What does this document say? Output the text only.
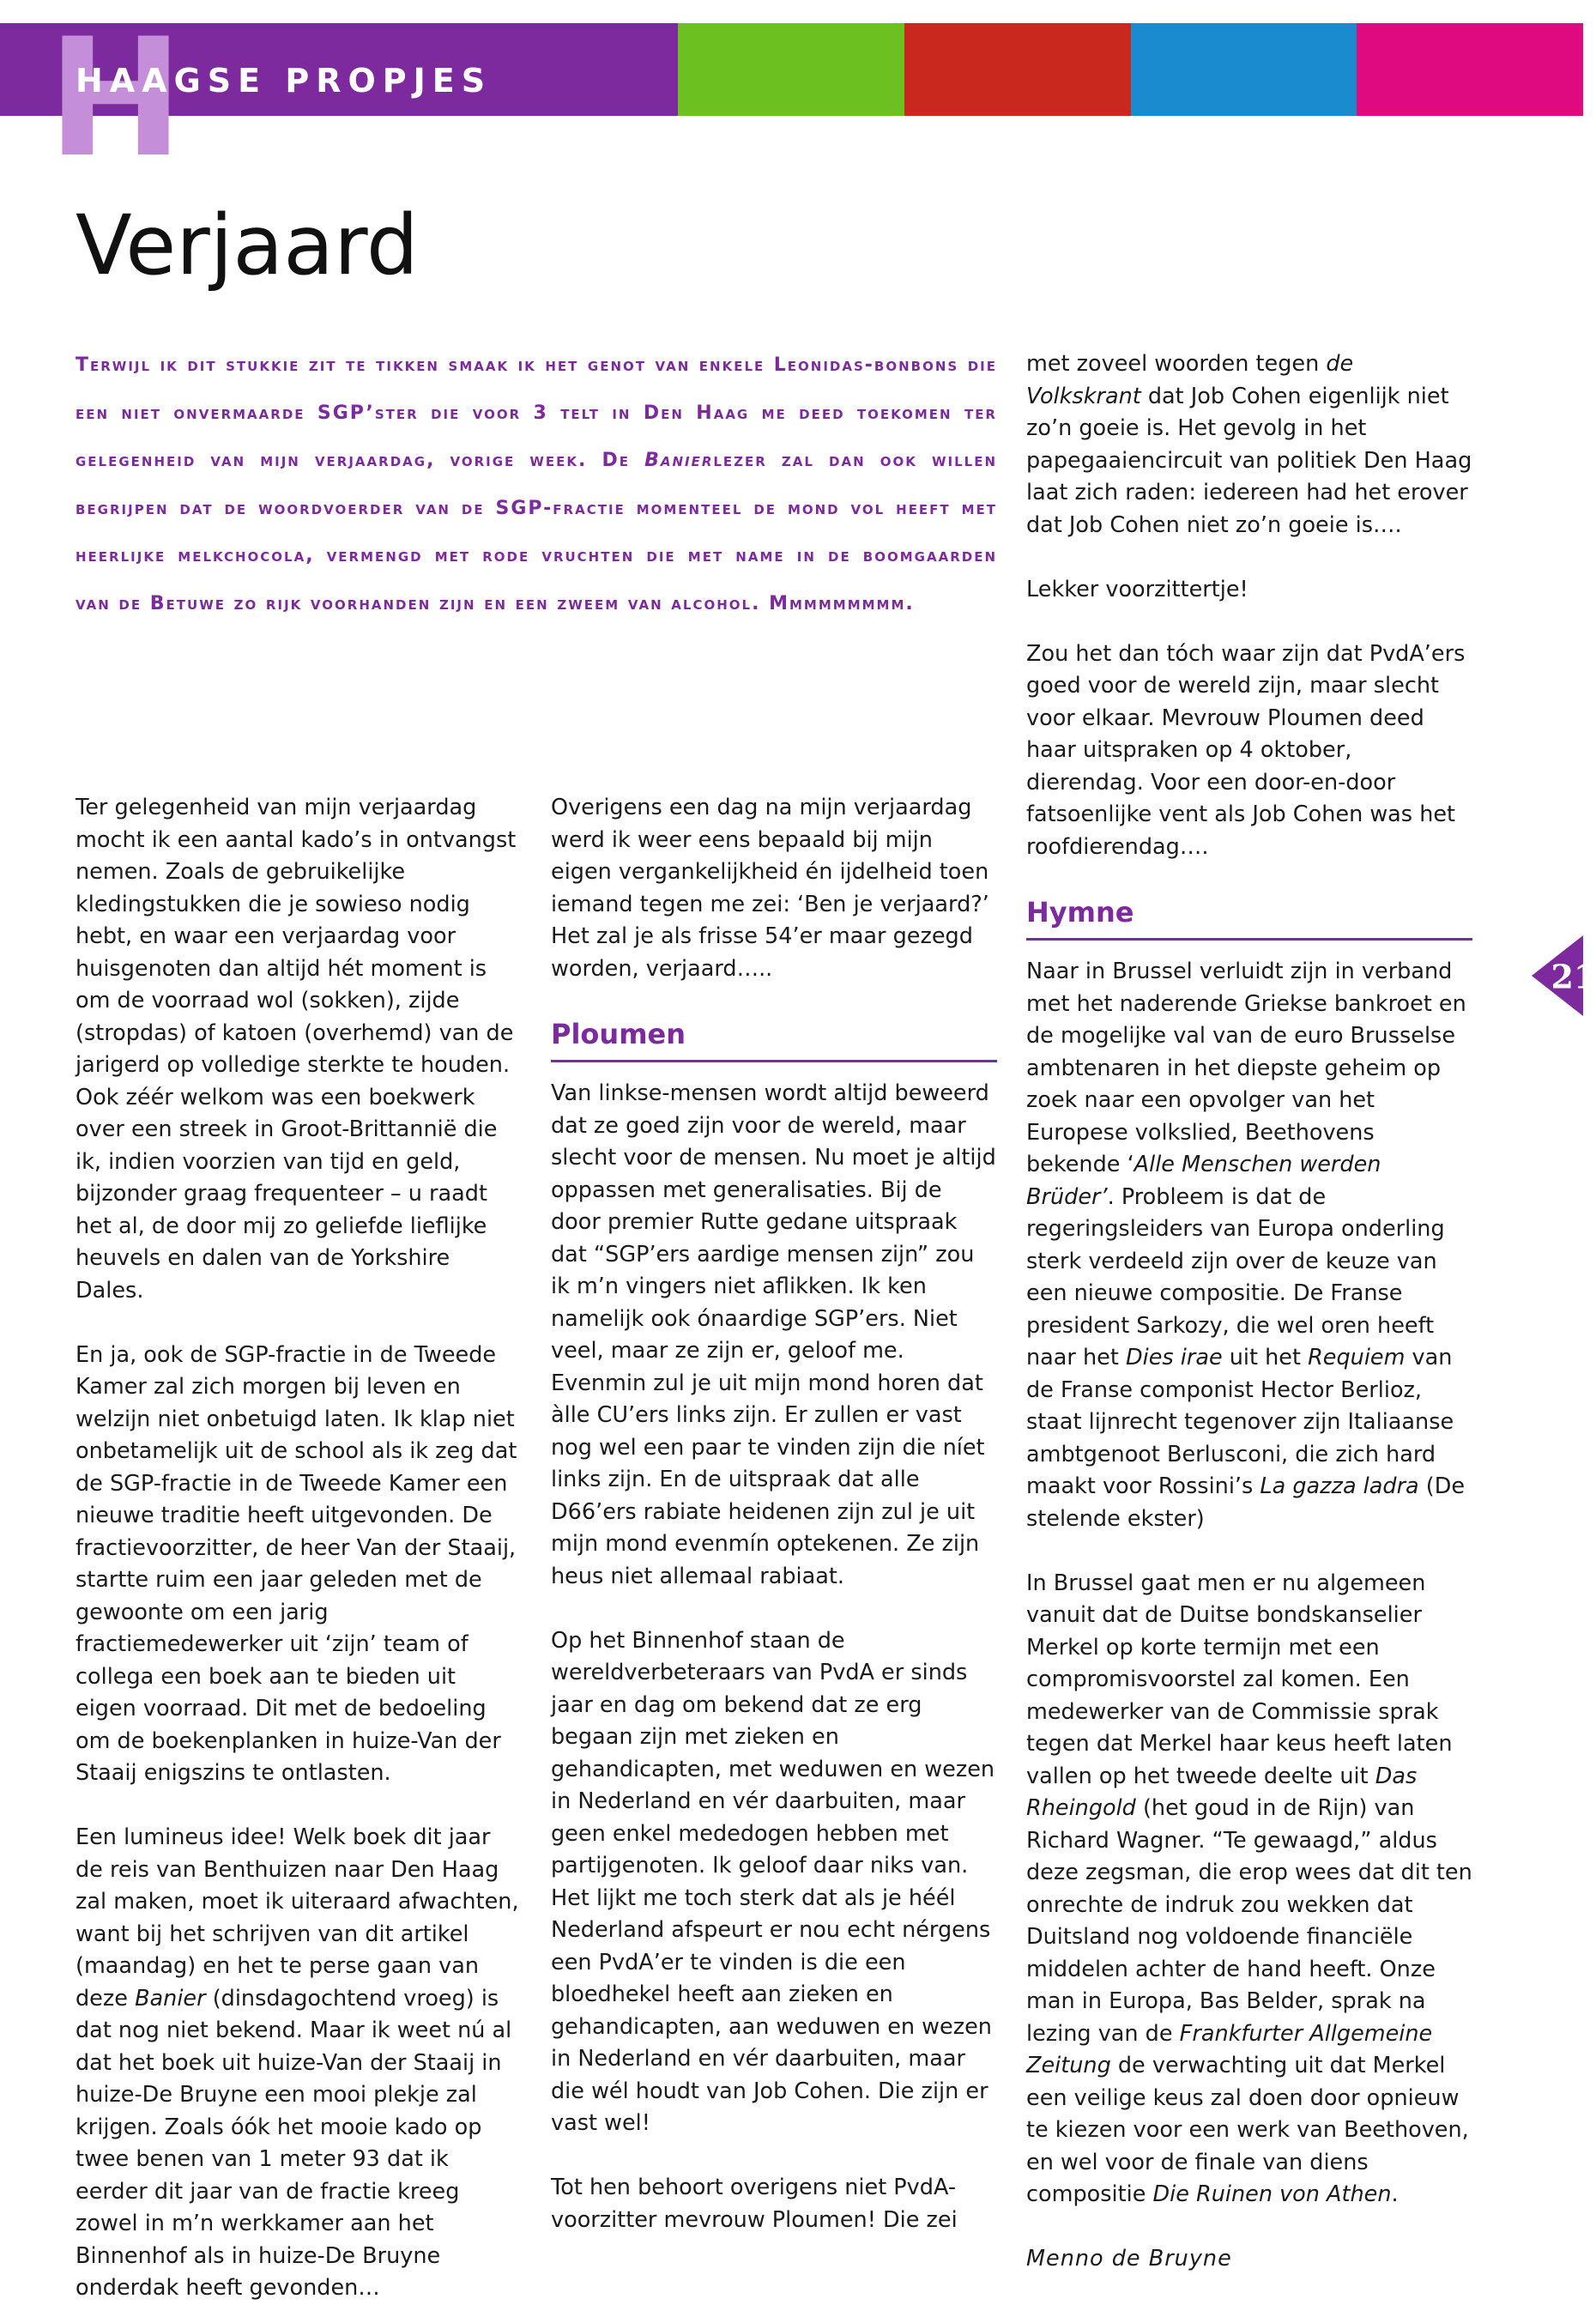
H
HAAGSE PROPJES
Verjaard

Terwijl ik dit stukkie zit te tikken smaak ik het genot van enkele Leonidas-bonbons die een niet onvermaarde SGP’ster die voor 3 telt in Den Haag me deed toekomen ter gelegenheid van mijn verjaardag, vorige week. De Banierlezer zal dan ook willen begrijpen dat de woordvoerder van de SGP-fractie momenteel de mond vol heeft met heerlijke melkchocola, vermengd met rode vruchten die met name in de boomgaarden van de Betuwe zo rijk voorhanden zijn en een zweem van alcohol. Mmmmmmmmm.

Ter gelegenheid van mijn verjaardag mocht ik een aantal kado’s in ontvangst nemen. Zoals de gebruikelijke kledingstukken die je sowieso nodig hebt, en waar een verjaardag voor huisgenoten dan altijd hét moment is om de voorraad wol (sokken), zijde (stropdas) of katoen (overhemd) van de jarigerd op volledige sterkte te houden. Ook zéér welkom was een boekwerk over een streek in Groot-Brittannië die ik, indien voorzien van tijd en geld, bijzonder graag frequenteer – u raadt het al, de door mij zo geliefde lieflijke heuvels en dalen van de Yorkshire Dales.

En ja, ook de SGP-fractie in de Tweede Kamer zal zich morgen bij leven en welzijn niet onbetuigd laten. Ik klap niet onbetamelijk uit de school als ik zeg dat de SGP-fractie in de Tweede Kamer een nieuwe traditie heeft uitgevonden. De fractievoorzitter, de heer Van der Staaij, startte ruim een jaar geleden met de gewoonte om een jarig fractiemedewerker uit ‘zijn’ team of collega een boek aan te bieden uit eigen voorraad. Dit met de bedoeling om de boekenplanken in huize-Van der Staaij enigszins te ontlasten.

Een lumineus idee! Welk boek dit jaar de reis van Benthuizen naar Den Haag zal maken, moet ik uiteraard afwachten, want bij het schrijven van dit artikel (maandag) en het te perse gaan van deze Banier (dinsdagochtend vroeg) is dat nog niet bekend. Maar ik weet nú al dat het boek uit huize-Van der Staaij in huize-De Bruyne een mooi plekje zal krijgen. Zoals óók het mooie kado op twee benen van 1 meter 93 dat ik eerder dit jaar van de fractie kreeg zowel in m’n werkkamer aan het Binnenhof als in huize-De Bruyne onderdak heeft gevonden…

Overigens een dag na mijn verjaardag werd ik weer eens bepaald bij mijn eigen vergankelijkheid én ijdelheid toen iemand tegen me zei: ‘Ben je verjaard?’ Het zal je als frisse 54’er maar gezegd worden, verjaard…..

Ploumen

Van linkse-mensen wordt altijd beweerd dat ze goed zijn voor de wereld, maar slecht voor de mensen. Nu moet je altijd oppassen met generalisaties. Bij de door premier Rutte gedane uitspraak dat “SGP’ers aardige mensen zijn” zou ik m’n vingers niet aflikken. Ik ken namelijk ook ónaardige SGP’ers. Niet veel, maar ze zijn er, geloof me. Evenmin zul je uit mijn mond horen dat àlle CU’ers links zijn. Er zullen er vast nog wel een paar te vinden zijn die níet links zijn. En de uitspraak dat alle D66’ers rabiate heidenen zijn zul je uit mijn mond evenmín optekenen. Ze zijn heus niet allemaal rabiaat.

Op het Binnenhof staan de wereldverbeteraars van PvdA er sinds jaar en dag om bekend dat ze erg begaan zijn met zieken en gehandicapten, met weduwen en wezen in Nederland en vér daarbuiten, maar geen enkel mededogen hebben met partijgenoten. Ik geloof daar niks van. Het lijkt me toch sterk dat als je héél Nederland afspeurt er nou echt nérgens een PvdA’er te vinden is die een bloedhekel heeft aan zieken en gehandicapten, aan weduwen en wezen in Nederland en vér daarbuiten, maar die wél houdt van Job Cohen. Die zijn er vast wel!

Tot hen behoort overigens niet PvdA-voorzitter mevrouw Ploumen! Die zei

met zoveel woorden tegen de Volkskrant dat Job Cohen eigenlijk niet zo’n goeie is. Het gevolg in het papegaaiencircuit van politiek Den Haag laat zich raden: iedereen had het erover dat Job Cohen niet zo’n goeie is….

Lekker voorzittertje!

Zou het dan tóch waar zijn dat PvdA’ers goed voor de wereld zijn, maar slecht voor elkaar. Mevrouw Ploumen deed haar uitspraken op 4 oktober, dierendag. Voor een door-en-door fatsoenlijke vent als Job Cohen was het roofdierendag….

Hymne

Naar in Brussel verluidt zijn in verband met het naderende Griekse bankroet en de mogelijke val van de euro Brusselse ambtenaren in het diepste geheim op zoek naar een opvolger van het Europese volkslied, Beethovens bekende ‘Alle Menschen werden Brüder’. Probleem is dat de regeringsleiders van Europa onderling sterk verdeeld zijn over de keuze van een nieuwe compositie. De Franse president Sarkozy, die wel oren heeft naar het Dies irae uit het Requiem van de Franse componist Hector Berlioz, staat lijnrecht tegenover zijn Italiaanse ambtgenoot Berlusconi, die zich hard maakt voor Rossini’s La gazza ladra (De stelende ekster)

In Brussel gaat men er nu algemeen vanuit dat de Duitse bondskanselier Merkel op korte termijn met een compromisvoorstel zal komen. Een medewerker van de Commissie sprak tegen dat Merkel haar keus heeft laten vallen op het tweede deelte uit Das Rheingold (het goud in de Rijn) van Richard Wagner. “Te gewaagd,” aldus deze zegsman, die erop wees dat dit ten onrechte de indruk zou wekken dat Duitsland nog voldoende financiële middelen achter de hand heeft. Onze man in Europa, Bas Belder, sprak na lezing van de Frankfurter Allgemeine Zeitung de verwachting uit dat Merkel een veilige keus zal doen door opnieuw te kiezen voor een werk van Beethoven, en wel voor de finale van diens compositie Die Ruinen von Athen.

Menno de Bruyne

21
